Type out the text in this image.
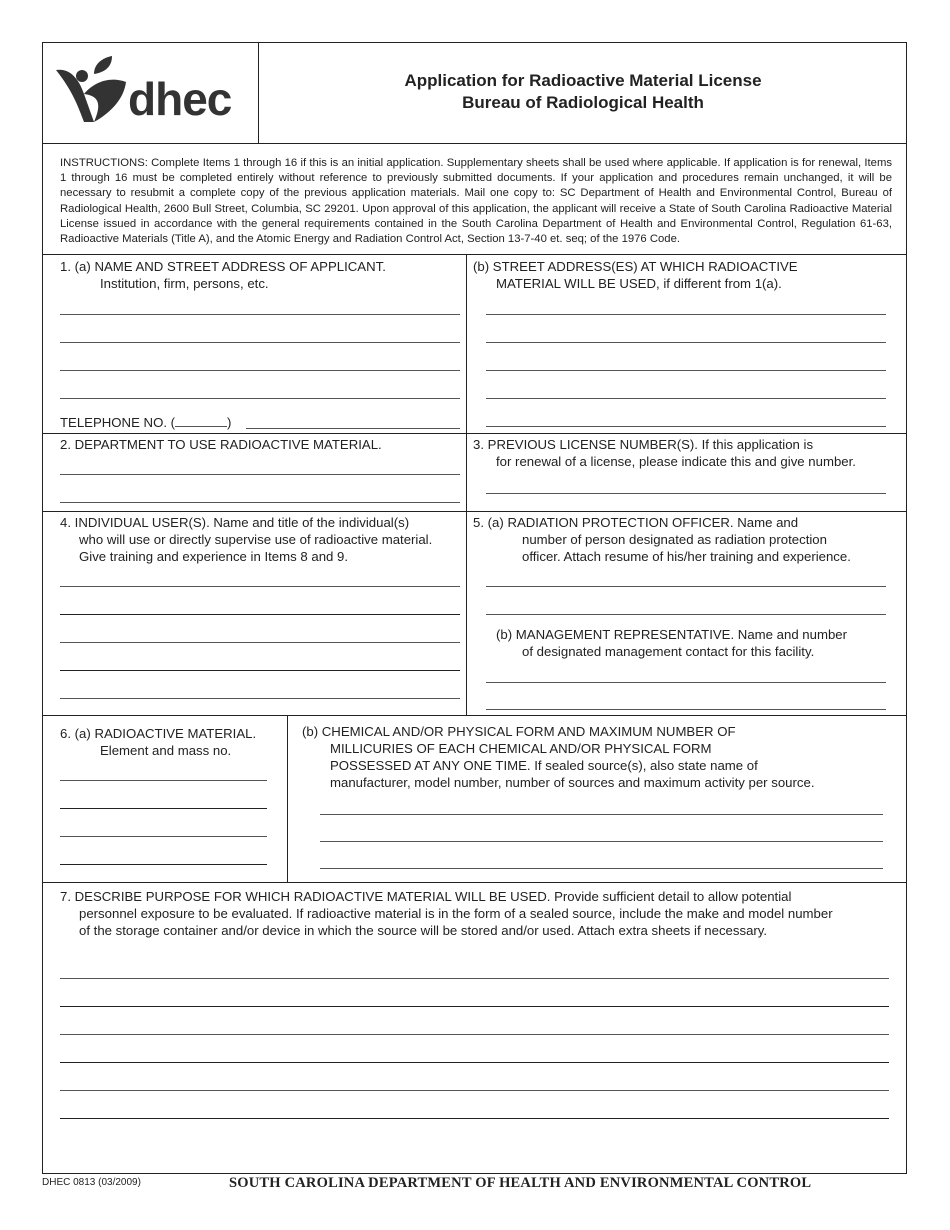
dhec	Application for Radioactive Material License
Bureau of Radiological Health
INSTRUCTIONS: Complete Items 1 through 16 if this is an initial application. Supplementary sheets shall be used where applicable. If application is for renewal, Items 1 through 16 must be completed entirely without reference to previously submitted documents. If your application and procedures remain unchanged, it will be necessary to resubmit a complete copy of the previous application materials. Mail one copy to: SC Department of Health and Environmental Control, Bureau of Radiological Health, 2600 Bull Street, Columbia, SC 29201. Upon approval of this application, the applicant will receive a State of South Carolina Radioactive Material License issued in accordance with the general requirements contained in the South Carolina Department of Health and Environmental Control, Regulation 61-63, Radioactive Materials (Title A), and the Atomic Energy and Radiation Control Act, Section 13-7-40 et. seq; of the 1976 Code.
1. (a) NAME AND STREET ADDRESS OF APPLICANT.
Institution, firm, persons, etc.
TELEPHONE NO. (	)
(b) STREET ADDRESS(ES) AT WHICH RADIOACTIVE
MATERIAL WILL BE USED, if different from 1(a).
2. DEPARTMENT TO USE RADIOACTIVE MATERIAL.	3. PREVIOUS LICENSE NUMBER(S). If this application is
for renewal of a license, please indicate this and give number.
4. INDIVIDUAL USER(S). Name and title of the individual(s)
who will use or directly supervise use of radioactive material.
Give training and experience in Items 8 and 9.
5. (a) RADIATION PROTECTION OFFICER. Name and
number of person designated as radiation protection
officer. Attach resume of his/her training and experience.
(b) MANAGEMENT REPRESENTATIVE. Name and number
of designated management contact for this facility.
6. (a) RADIOACTIVE MATERIAL.
Element and mass no.
(b) CHEMICAL AND/OR PHYSICAL FORM AND MAXIMUM NUMBER OF
MILLICURIES OF EACH CHEMICAL AND/OR PHYSICAL FORM
POSSESSED AT ANY ONE TIME. If sealed source(s), also state name of
manufacturer, model number, number of sources and maximum activity per source.
7. DESCRIBE PURPOSE FOR WHICH RADIOACTIVE MATERIAL WILL BE USED. Provide sufficient detail to allow potential
personnel exposure to be evaluated. If radioactive material is in the form of a sealed source, include the make and model number
of the storage container and/or device in which the source will be stored and/or used. Attach extra sheets if necessary.
DHEC 0813 (03/2009)	SOUTH CAROLINA DEPARTMENT OF HEALTH AND ENVIRONMENTAL CONTROL
